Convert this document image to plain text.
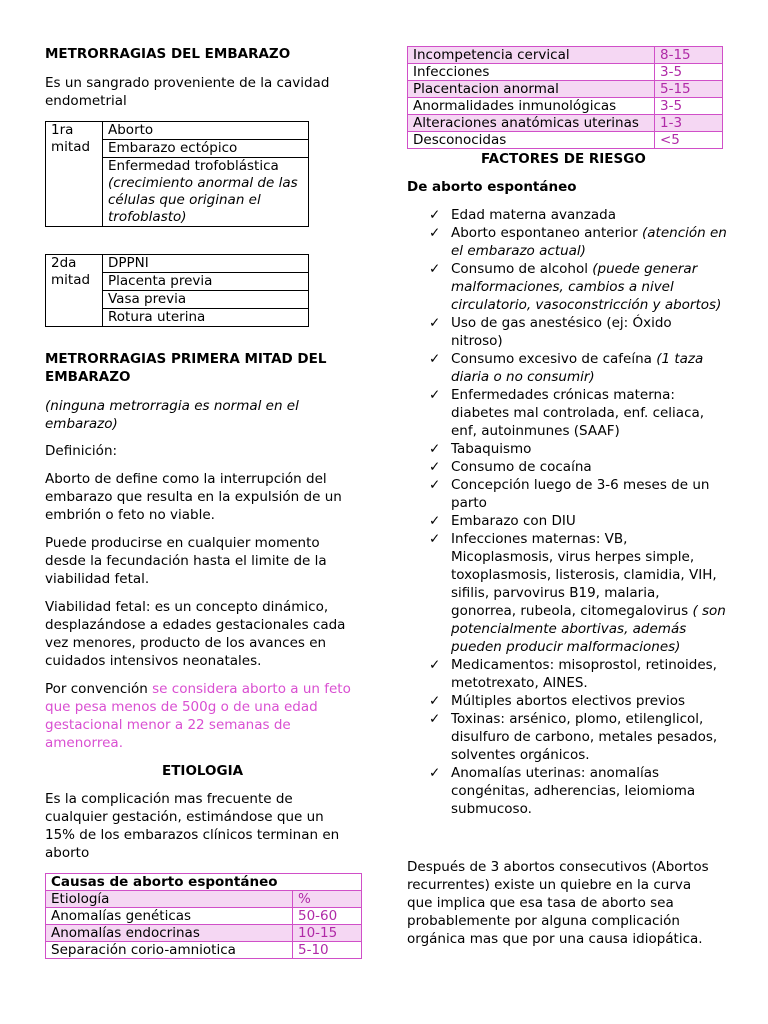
METRORRAGIAS DEL EMBARAZO

Es un sangrado proveniente de la cavidad endometrial

1ra mitad	Aborto
Embarazo ectópico
Enfermedad trofoblástica
(crecimiento anormal de las células que originan el trofoblasto)
2da mitad	DPPNI
Placenta previa
Vasa previa
Rotura uterina

METRORRAGIAS PRIMERA MITAD DEL EMBARAZO

(ninguna metrorragia es normal en el embarazo)

Definición:

Aborto de define como la interrupción del embarazo que resulta en la expulsión de un embrión o feto no viable.

Puede producirse en cualquier momento desde la fecundación hasta el limite de la viabilidad fetal.

Viabilidad fetal: es un concepto dinámico, desplazándose a edades gestacionales cada vez menores, producto de los avances en cuidados intensivos neonatales.

Por convención se considera aborto a un feto que pesa menos de 500g o de una edad gestacional menor a 22 semanas de amenorrea.

ETIOLOGIA

Es la complicación mas frecuente de cualquier gestación, estimándose que un 15% de los embarazos clínicos terminan en aborto

Causas de aborto espontáneo	
Etiología	%
Anomalías genéticas	50-60
Anomalías endocrinas	10-15
Separación corio-amniotica	5-10
Incompetencia cervical	8-15
Infecciones	3-5
Placentacion anormal	5-15
Anormalidades inmunológicas	3-5
Alteraciones anatómicas uterinas	1-3
Desconocidas	<5

FACTORES DE RIESGO

De aborto espontáneo

✓ Edad materna avanzada
✓ Aborto espontaneo anterior (atención en el embarazo actual)
✓ Consumo de alcohol (puede generar malformaciones, cambios a nivel circulatorio, vasoconstricción y abortos)
✓ Uso de gas anestésico (ej: Óxido nitroso)
✓ Consumo excesivo de cafeína (1 taza diaria o no consumir)
✓ Enfermedades crónicas materna: diabetes mal controlada, enf. celiaca, enf, autoinmunes (SAAF)
✓ Tabaquismo
✓ Consumo de cocaína
✓ Concepción luego de 3-6 meses de un parto
✓ Embarazo con DIU
✓ Infecciones maternas: VB, Micoplasmosis, virus herpes simple, toxoplasmosis, listerosis, clamidia, VIH, sifilis, parvovirus B19, malaria, gonorrea, rubeola, citomegalovirus ( son potencialmente abortivas, además pueden producir malformaciones)
✓ Medicamentos: misoprostol, retinoides, metotrexato, AINES.
✓ Múltiples abortos electivos previos
✓ Toxinas: arsénico, plomo, etilenglicol, disulfuro de carbono, metales pesados, solventes orgánicos.
✓ Anomalías uterinas: anomalías congénitas, adherencias, leiomioma submucoso.

Después de 3 abortos consecutivos (Abortos recurrentes) existe un quiebre en la curva que implica que esa tasa de aborto sea probablemente por alguna complicación orgánica mas que por una causa idiopática.
